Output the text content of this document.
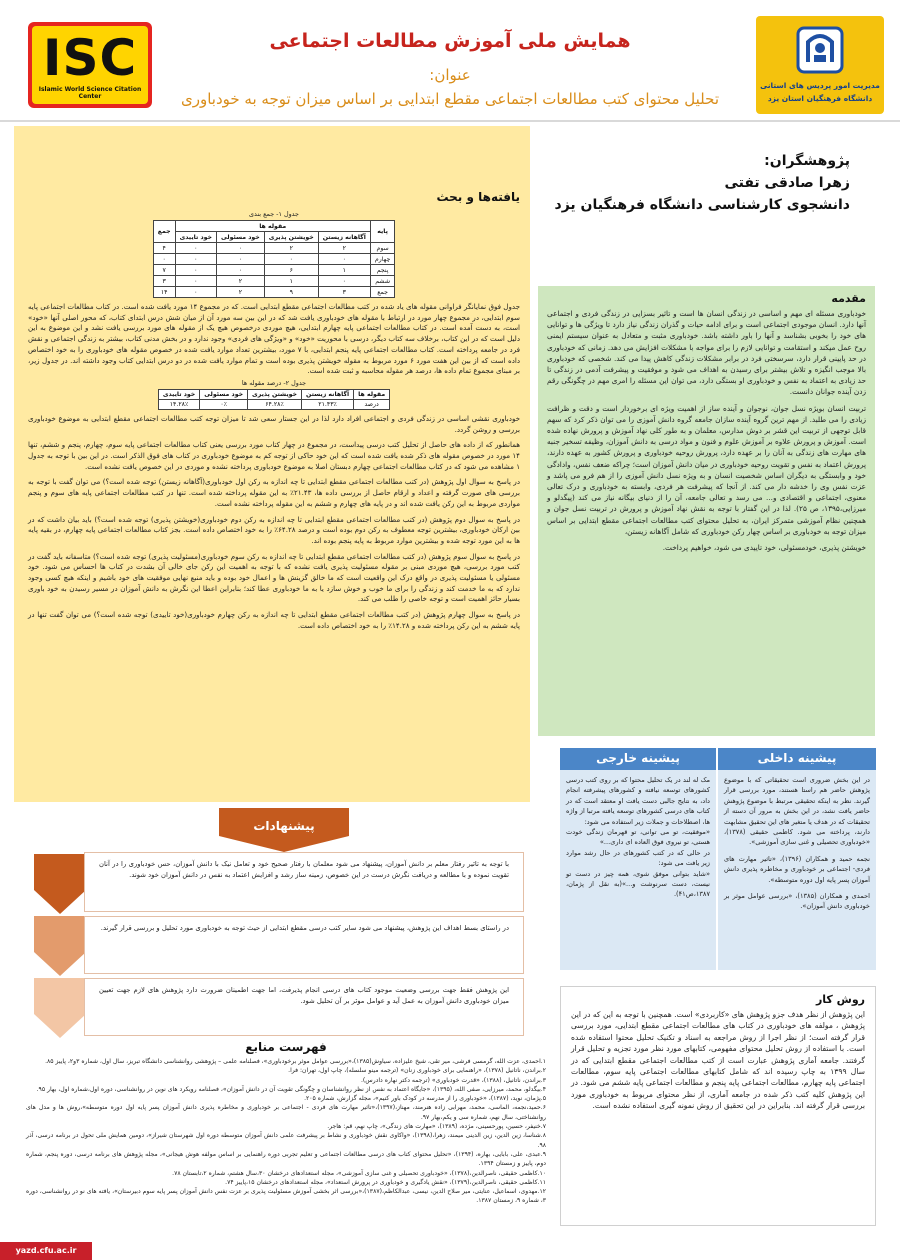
ISC
Islamic World Science Citation Center
همایش ملی آموزش مطالعات اجتماعی
عنوان:
تحلیل محتوای کتب مطالعات اجتماعی مقطع ابتدایی بر اساس میزان توجه به خودباوری
مدیریت امور پردیس های استانی
دانشگاه فرهنگیان استان یزد
پژوهشگران:
زهرا صادقی تفتی
دانشجوی کارشناسی دانشگاه فرهنگیان یزد
مقدمه

خودباوری مسئله ای مهم و اساسی در زندگی انسان ها است و تاثیر بسزایی در زندگی فردی و اجتماعی آنها دارد. انسان موجودی اجتماعی است و برای ادامه حیات و گذران زندگی نیاز دارد تا ویژگی ها و توانایی های خود را بخوبی بشناسد و آنها را باور داشته باشد. خودباوری مثبت و متعادل به عنوان سیستم ایمنی روح عمل میکند و استقامت و توانایی لازم را برای مواجه با مشکلات افزایش می دهد. زمانی که خودباوری در حد پایینی قرار دارد، سرسختی فرد در برابر مشکلات زندگی کاهش پیدا می کند. شخصی که خودباوری بالا موجب انگیزه و تلاش بیشتر برای رسیدن به اهداف می شود و موفقیت و پیشرفت آدمی در زندگی تا حد زیادی به اعتماد به نفس و خودباوری او بستگی دارد، می توان این مسئله را امری مهم در چگونگی رقم زدن آینده جوانان دانست.

تربیت انسان بویژه نسل جوان، نوجوان و آینده ساز از اهمیت ویژه ای برخوردار است و دقت و ظرافت زیادی را می طلبد. از مهم ترین گروه آینده سازان جامعه گروه دانش آموزی را می توان ذکر کرد که سهم قابل توجهی از تربیت این قشر بر دوش مدارس، معلمان و به طور کلی نهاد آموزش و پرورش نهاده شده است. آموزش و پرورش علاوه بر آموزش علوم و فنون و مواد درسی به دانش آموزان، وظیفه تسخیر جنبه های مهارت های زندگی به آنان را بر عهده دارد، پرورش روحیه خودباوری و پرورش کشور به عهده دارند، پرورش اعتماد به نفس و تقویت روحیه خودباوری در میان دانش آموزان است؛ چراکه ضعف نفس، وادادگی خود و وابستگی به دیگران اساس شخصیت انسان و به ویژه نسل دانش آموزی را از هم فرو می پاشد و عزت نفس وی را خدشه دار می کند. از آنجا که پیشرفت هر فردی، وابسته به خودباوری و درک تعالی معنوی، اجتماعی و اقتصادی و... می رسد و تعالی جامعه، آن را از دنیای بیگانه نیاز می کند (پیگدلو و میرزایی،۱۳۹۵، ص ۲۵). لذا در این گفتار با توجه به نقش نهاد آموزش و پرورش در تربیت نسل جوان و همچنین نظام آموزشی متمرکز ایران، به تحلیل محتوای کتب مطالعات اجتماعی مقطع ابتدایی بر اساس میزان توجه به خودباوری بر اساس چهار رکن خودباوری که شامل آگاهانه زیستن،

خویشتن پذیری، خودمسئولی، خود تاییدی می شود، خواهیم پرداخت.

پیشینه داخلی

در این بخش ضروری است تحقیقاتی که با موضوع پژوهش حاضر هم راستا هستند، مورد بررسی قرار گیرند. نظر به اینکه تحقیقی مرتبط با موضوع پژوهش حاضر یافت نشد، در این بخش به مرور آن دسته از تحقیقات که در هدف یا متغیر های این تحقیق مشابهت دارند، پرداخته می شود. کاظمی حقیقی (۱۳۷۸)، «خودباوری تحصیلی و غنی سازی آموزشی».

نجمه حمید و همکاران (۱۳۹۶)، «تاثیر مهارت های فردی- اجتماعی بر خودباوری و مخاطره پذیری دانش آموزان پسر پایه اول دوره متوسطه».

احمدی و همکاران (۱۳۸۵)، «بررسی عوامل موثر بر خودباوری دانش آموزان».

پیشینه خارجی

مک له لند در یک تحلیل محتوا که بر روی کتب درسی کشورهای توسعه نیافته و کشورهای پیشرفته انجام داد، به نتایج جالبی دست یافت او معتقد است که در کتاب های درسی کشورهای توسعه یافته مرتبا از واژه ها، اصطلاحات و جملات زیر استفاده می شود:

«موفقیت، تو می توانی، تو قهرمان زندگی خودت هستی، تو نیروی فوق العاده ای داری...»

در حالی که در کتب کشورهای در حال رشد موارد زیر یافت می شود:

«شاید بتوانی موفق شوی، همه چیز در دست تو نیست، دست سرنوشت و...»(به نقل از پژمان، ۱۳۸۷،ص۴۱).

روش کار
این پژوهش از نظر هدف جزو پژوهش های «کاربردی» است. همچنین با توجه به این که در این پژوهش ، مولفه های خودباوری در کتاب های مطالعات اجتماعی مقطع ابتدایی، مورد بررسی قرار گرفته است؛ از نظر اجرا از روش مراجعه به اسناد و تکنیک تحلیل محتوا استفاده شده است. با استفاده از روش تحلیل محتوای مفهومی، کتابهای مورد نظر مورد تجزیه و تحلیل قرار گرفتند. جامعه آماری پژوهش عبارت است از کتب مطالعات اجتماعی مقطع ابتدایی که در سال ۱۳۹۹ به چاپ رسیده اند که شامل کتابهای مطالعات اجتماعی پایه سوم، مطالعات اجتماعی پایه چهارم، مطالعات اجتماعی پایه پنجم و مطالعات اجتماعی پایه ششم می شود. در این پژوهش کلیه کتب ذکر شده در جامعه آماری، از نظر محتوای مربوط به خودباوری مورد بررسی قرار گرفته اند. بنابراین در این تحقیق از روش نمونه گیری استفاده نشده است.
یافته‌ها و بحث
جدول ۱- جمع بندی
پایه	مقوله ها				جمع
	آگاهانه زیستن	خویشتن پذیری	خود مسئولی	خود تاییدی	
سوم	۲	۲	۰	۰	۴
چهارم	۰	۰	۰	۰	۰
پنجم	۱	۶	۰	۰	۷
ششم	۰	۱	۲	۰	۳
جمع	۳	۹	۲	۰	۱۴
جدول فوق نمایانگر فراوانی مقوله های یاد شده در کتب مطالعات اجتماعی مقطع ابتدایی است. که در مجموع ۱۴ مورد یافت شده است. در کتاب مطالعات اجتماعی پایه سوم ابتدایی، در مجموع چهار مورد در ارتباط با مقوله های خودباوری یافت شد که در این بین سه مورد آن از میان شش درس ابتدای کتاب، که محور اصلی آنها «خود» است، به دست آمده است. در کتاب مطالعات اجتماعی پایه چهارم ابتدایی، هیچ موردی درخصوص هیچ یک از مقوله های مورد بررسی یافت نشد و این موضوع به این دلیل است که در این کتاب، برخلاف سه کتاب دیگر، درسی با محوریت «خود» و «ویژگی های فردی» وجود ندارد و در بخش مدنی کتاب، بیشتر به زندگی اجتماعی و نقش فرد در جامعه پرداخته است. کتاب مطالعات اجتماعی پایه پنجم ابتدایی، با ۷ مورد، بیشترین تعداد موارد یافت شده در خصوص مقوله های خودباوری را به خود اختصاص داده است که از بین این هفت مورد ۶ مورد مربوط به مقوله خویشتن پذیری بوده است و تمام موارد یافت شده در دو درس ابتدایی کتاب وجود داشته اند. در جدول زیر، بر مبنای مجموع تمام داده ها، درصد هر مقوله محاسبه و ثبت شده است.
جدول ۲- درصد مقوله ها
مقوله ها	آگاهانه زیستن	خویشتن پذیری	خود مسئولی	خود تاییدی
درصد	۲۱.۴۳٪	۶۴.۲۸٪	۰٪	۱۴.۲۸٪

خودباوری نقشی اساسی در زندگی فردی و اجتماعی افراد دارد لذا در این جستار سعی شد تا میزان توجه کتب مطالعات اجتماعی مقطع ابتدایی به موضوع خودباوری بررسی و روشن گردد.

همانطور که از داده های حاصل از تحلیل کتب درسی پیداست، در مجموع در چهار کتاب مورد بررسی یعنی کتاب مطالعات اجتماعی پایه سوم، چهارم، پنجم و ششم، تنها ۱۴ مورد در خصوص مقوله های ذکر شده یافت شده است که این خود حاکی از توجه کم به موضوع خودباوری در کتاب های فوق الذکر است. در این بین با توجه به جدول ۱ مشاهده می شود که در کتاب مطالعات اجتماعی چهارم دبستان اصلا به موضوع خودباوری پرداخته نشده و موردی در این خصوص یافت نشده است.

در پاسخ به سوال اول پژوهش (در کتب مطالعات اجتماعی مقطع ابتدایی تا چه اندازه به رکن اول خودباوری(آگاهانه زیستن) توجه شده است؟) می توان گفت با توجه به بررسی های صورت گرفته و اعداد و ارقام حاصل از بررسی داده ها، ۲۱.۴۳٪ به این مقوله پرداخته شده است. تنها در کتب مطالعات اجتماعی پایه های سوم و پنجم مواردی مربوط به این رکن یافت شده اند و در پایه های چهارم و ششم به این مقوله پرداخته نشده است.

در پاسخ به سوال دوم پژوهش (در کتب مطالعات اجتماعی مقطع ابتدایی تا چه اندازه به رکن دوم خودباوری(خویشتن پذیری) توجه شده است؟) باید بیان داشت که در بین ارکان خودباوری، بیشترین توجه معطوف به رکن دوم بوده است و درصد ۶۴.۲۸٪ را به خود اختصاص داده است. بجز کتاب مطالعات اجتماعی پایه چهارم، در بقیه پایه ها به این مورد توجه شده و بیشترین موارد مربوط به پایه پنجم بوده اند.

در پاسخ به سوال سوم پژوهش (در کتب مطالعات اجتماعی مقطع ابتدایی تا چه اندازه به رکن سوم خودباوری(مسئولیت پذیری) توجه شده است؟) متاسفانه باید گفت در کتب مورد بررسی، هیچ موردی مبنی بر مقوله مسئولیت پذیری یافت نشده که با توجه به اهمیت این رکن جای خالی آن بشدت در کتاب ها احساس می شود. خود مسئولی یا مسئولیت پذیری در واقع درک این واقعیت است که ما خالق گزینش ها و اعمال خود بوده و باید منبع نهایی موفقیت های خود باشیم و اینکه هیچ کسی وجود ندارد که به ما خدمت کند و زندگی را برای ما خوب و خوش سازد یا به ما خودباوری عطا کند؛ بنابراین اعطا این نگرش به دانش آموزان در مسیر رسیدن به خود باوری بسیار حائز اهمیت است و توجه خاصی را طلب می کند.

در پاسخ به سوال چهارم پژوهش (در کتب مطالعات اجتماعی مقطع ابتدایی تا چه اندازه به رکن چهارم خودباوری(خود تاییدی) توجه شده است؟) می توان گفت تنها در پایه ششم به این رکن پرداخته شده و ۱۴.۲۸٪ را به خود اختصاص داده است.

پیشنهادات
با توجه به تاثیر رفتار معلم بر دانش آموزان، پیشنهاد می شود معلمان با رفتار صحیح خود و تعامل نیک با دانش آموزان، حس خودباوری را در آنان تقویت نموده و با مطالعه و دریافت نگرش درست در این خصوص، زمینه ساز رشد و افزایش اعتماد به نفس در دانش آموزان خود شوند.
در راستای بسط اهداف این پژوهش، پیشنهاد می شود سایر کتب درسی مقطع ابتدایی از حیث توجه به خودباوری مورد تحلیل و بررسی قرار گیرند.
این پژوهش فقط جهت بررسی وضعیت موجود کتاب های درسی انجام پذیرفت، اما جهت اطمینان ضرورت دارد پژوهش های لازم جهت تعیین میزان خودباوری دانش آموزان به عمل آید و عوامل موثر بر آن تحلیل شود.
فهرست منابع
۱.احمدی، عزت الله، گرمسی فرشی، میر تقی، شیخ علیزاده، سیاوش(۱۳۸۵)،«بررسی عوامل موثر برخودباوری»، فصلنامه علمی – پژوهشی روانشناسی دانشگاه تبریز، سال اول، شماره ۳و۲، پاییز ۸۵.
۲.براندن، ناتانیل (۱۳۷۸)، «راهنمایی برای خودباوری زنان» (ترجمه مینو سلسله)، چاپ اول، تهران: فرا.
۳.براندن، ناتانیل، (۱۳۸۸)، «قدرت خودباوری» (ترجمه دکتر نهاره دادرس).
۴.بیگدلو، محمد، میرزایی، صفی الله، (۱۳۹۵)، «جایگاه اعتماد به نفس از نظر روانشناسان و چگونگی تقویت آن در دانش آموزان»، فصلنامه رویکرد های نوین در روانشناسی، دوره اول،شماره اول، بهار ۹۵.
۵.پژمان، نوید، (۱۳۸۷)، «خودباوری را از مدرسه در کودک باور کنیم»، مجله گزارش، شماره ۲۰۵.
۶.حمید،نجمه، الماسی، محمد، مهرابی زاده هنرمند، مهناز،(۱۳۹۷)،«تاثیر مهارت های فردی - اجتماعی بر خودباوری و مخاطره پذیری دانش آموزان پسر پایه اول دوره متوسطه»،روش ها و مدل های روانشناختی، سال نهم، شماره سی و یکم،بهار ۹۷.
۷.خنیفر، حسین، پورحسینی، مژده، (۱۳۸۹)، «مهارت های زندگی»، چاپ نهم، قم: هاجر.
۸.شناسا، زین الدین، زین الدینی میمند، زهرا،(۱۳۹۸)، «واکاوی نقش خودباوری و نشاط بر پیشرفت علمی دانش آموزان متوسطه دوره اول شهرستان شیراز»، دومین همایش ملی تحول در برنامه درسی، آذر ۹۸.
۹.عبدی، علی، بابایی، بهاره، (۱۳۹۴)، «تحلیل محتوای کتاب های درسی مطالعات اجتماعی و تعلیم تجربی دوره راهنمایی بر اساس مولفه هوش هیجانی»، مجله پژوهش های برنامه درسی، دوره پنجم، شماره دوم، پاییز و زمستان ۱۳۹۴.
۱۰.کاظمی حقیقی، ناصرالدین،(۱۳۷۸)، «خودباوری تحصیلی و غنی سازی آموزشی»، مجله استعدادهای درخشان ۳۰،سال هشتم، شماره ۲،تابستان ۷۸.
۱۱.کاظمی حقیقی، ناصرالدین،(۱۳۷۹)، «نقش یادگیری و خودباوری در پرورش استعداد»، مجله استعدادهای درخشان ۱۵،پاییز ۷۴.
۱۲.مهدوی، اسماعیل، عنایتی، میر صلاح الدین، نیسی، عبدالکاظم،(۱۳۸۷)،«بررسی اثر بخشی آموزش مسئولیت پذیری بر عزت نفس دانش آموزان پسر پایه سوم دبیرستان»، یافته های نو در روانشناسی، دوره ۳، شماره ۹، زمستان ۱۳۸۷.
yazd.cfu.ac.ir
